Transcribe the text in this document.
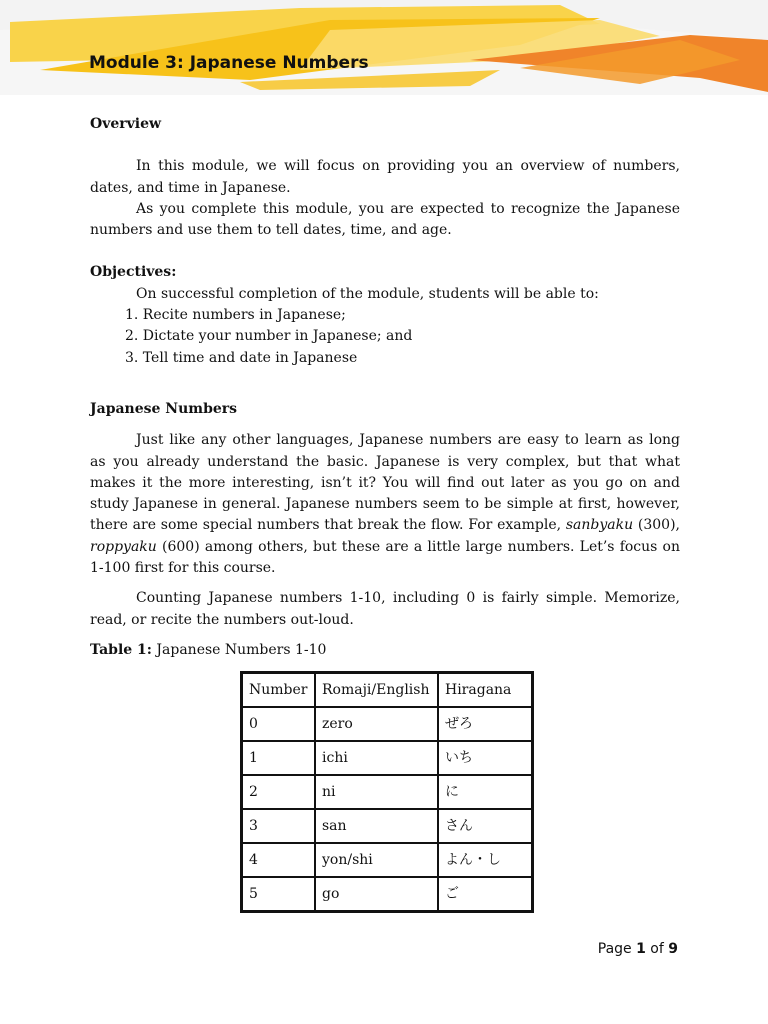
Module 3: Japanese Numbers
Overview

In this module, we will focus on providing you an overview of numbers, dates, and time in Japanese.

As you complete this module, you are expected to recognize the Japanese numbers and use them to tell dates, time, and age.

Objectives:

On successful completion of the module, students will be able to:

1. Recite numbers in Japanese;
2. Dictate your number in Japanese; and
3. Tell time and date in Japanese
Japanese Numbers

Just like any other languages, Japanese numbers are easy to learn as long as you already understand the basic. Japanese is very complex, but that what makes it the more interesting, isn’t it? You will find out later as you go on and study Japanese in general. Japanese numbers seem to be simple at first, however, there are some special numbers that break the flow. For example, sanbyaku (300), roppyaku (600) among others, but these are a little large numbers. Let’s focus on 1-100 first for this course.

Counting Japanese numbers 1-10, including 0 is fairly simple. Memorize, read, or recite the numbers out-loud.

Table 1: Japanese Numbers 1-10

Number	Romaji/English	Hiragana
0	zero	ぜろ
1	ichi	いち
2	ni	に
3	san	さん
4	yon/shi	よん・し
5	go	ご
Page 1 of 9
